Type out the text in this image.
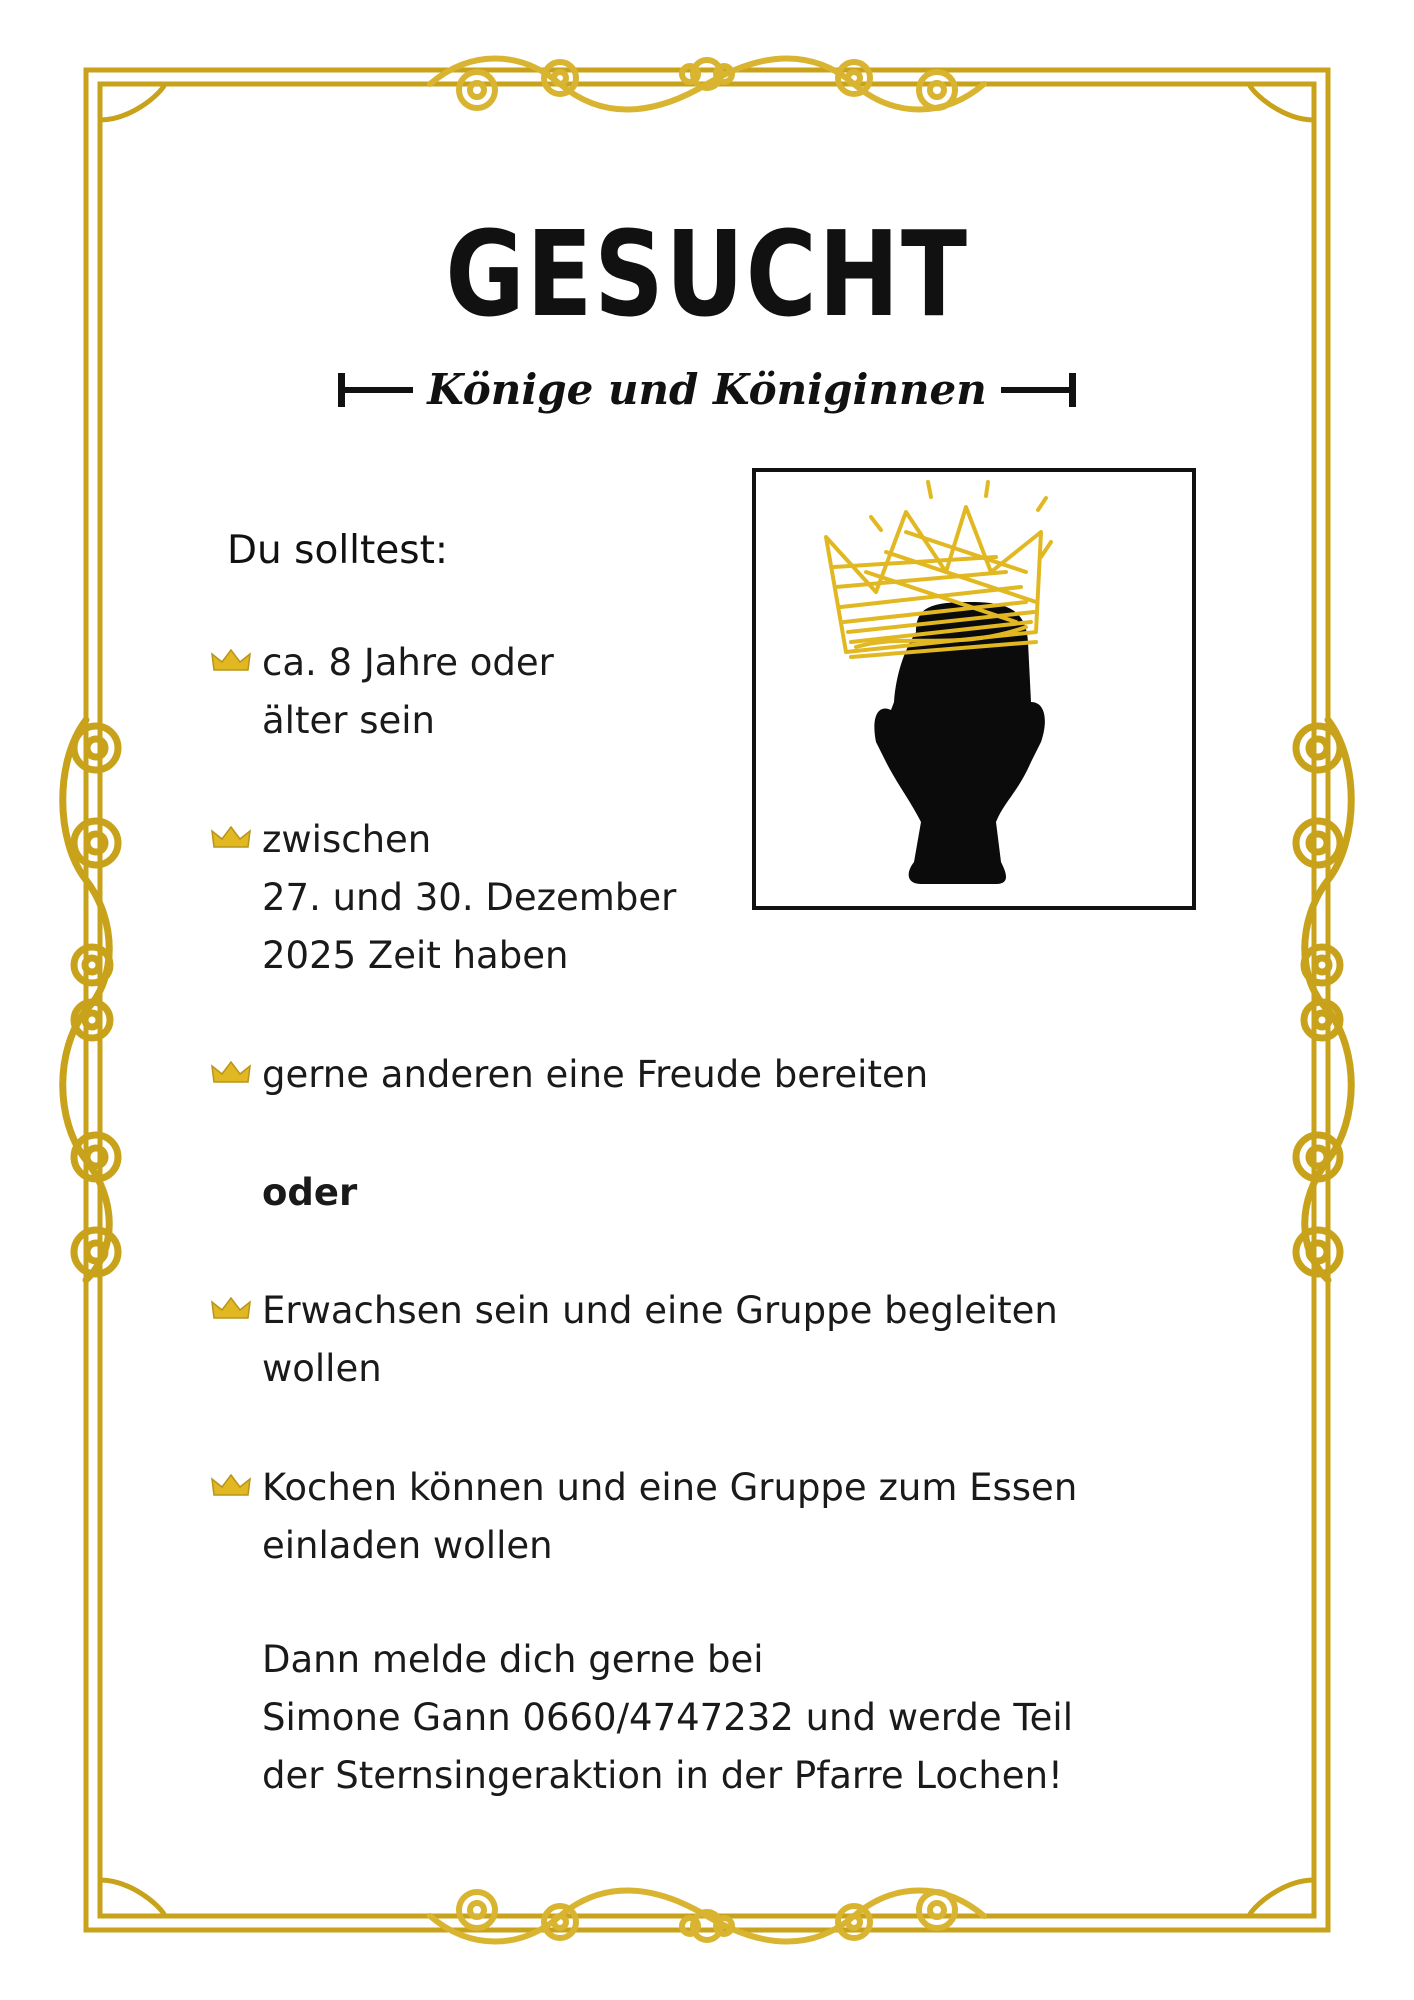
GESUCHT
Könige und Königinnen
Du solltest:
ca. 8 Jahre oder
älter sein
zwischen
27. und 30. Dezember
2025 Zeit haben
gerne anderen eine Freude bereiten
oder
Erwachsen sein und eine Gruppe begleiten
wollen
Kochen können und eine Gruppe zum Essen
einladen wollen
Dann melde dich gerne bei
Simone Gann 0660/4747232 und werde Teil
der Sternsingeraktion in der Pfarre Lochen!
